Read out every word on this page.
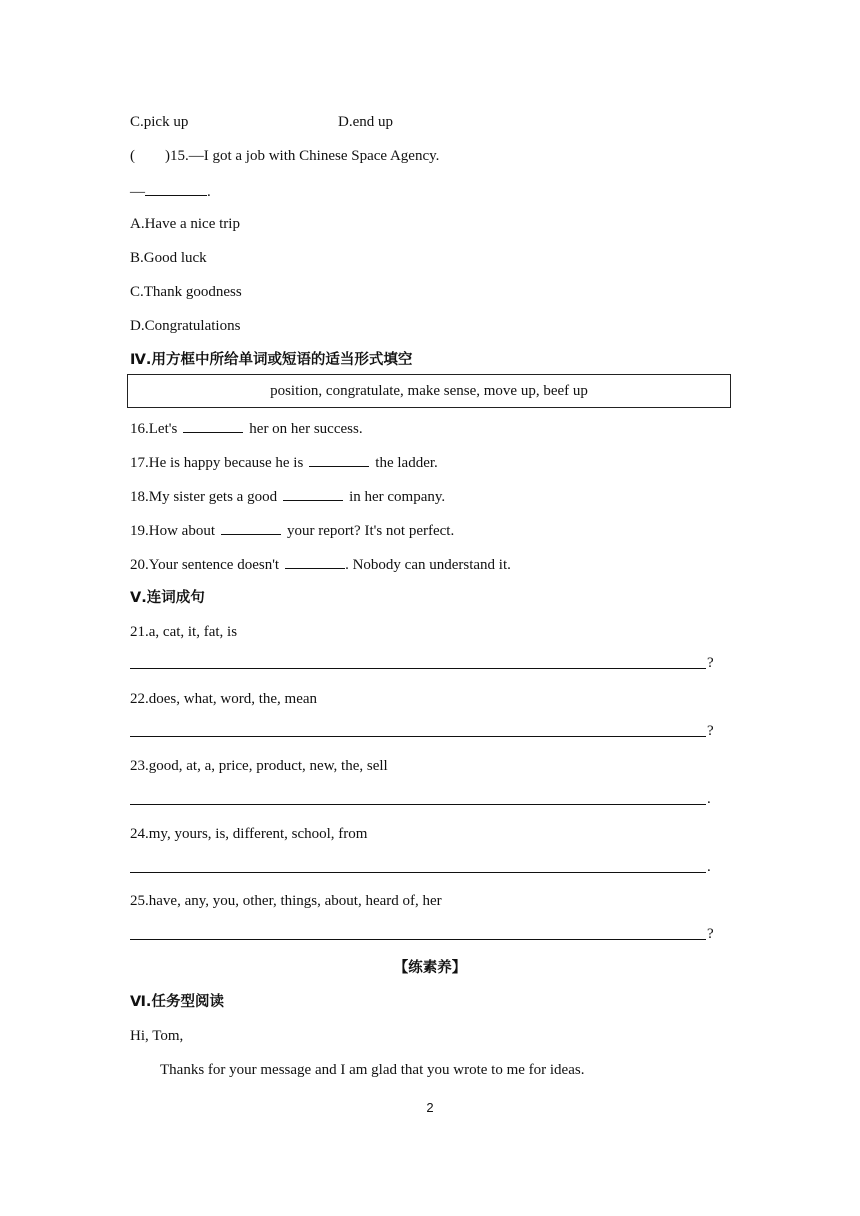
C.pick up	D.end up
(        )15.—I got a job with Chinese Space Agency.
—	.
A.Have a nice trip
B.Good luck
C.Thank goodness
D.Congratulations
Ⅳ.用方框中所给单词或短语的适当形式填空
position, congratulate, make sense, move up, beef up
16.Let's	her on her success.
17.He is happy because he is	the ladder.
18.My sister gets a good	in her company.
19.How about	your report? It's not perfect.
20.Your sentence doesn't	. Nobody can understand it.
Ⅴ.连词成句
21.a, cat, it, fat, is
?
22.does, what, word, the, mean
?
23.good, at, a, price, product, new, the, sell
.
24.my, yours, is, different, school, from
.
25.have, any, you, other, things, about, heard of, her
?
【练素养】
Ⅵ.任务型阅读
Hi, Tom,
Thanks for your message and I am glad that you wrote to me for ideas.
2
